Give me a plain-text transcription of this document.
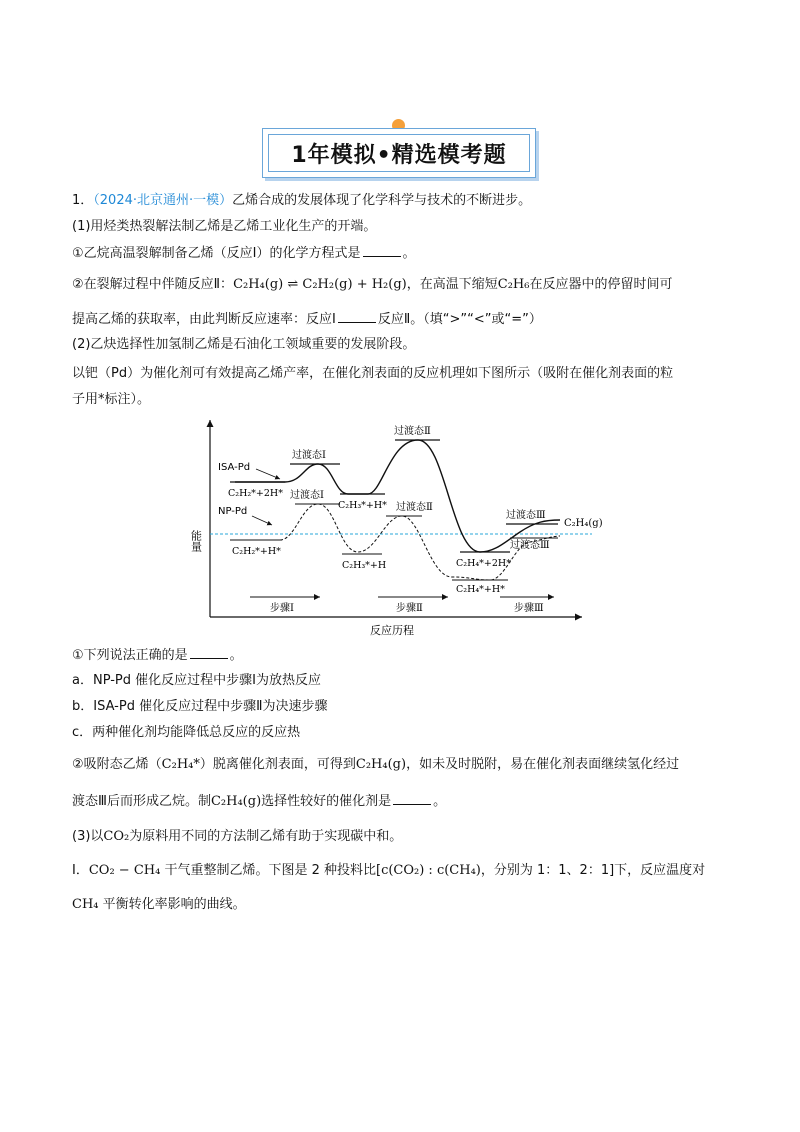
1年模拟•精选模考题
1．（2024·北京通州·一模）乙烯合成的发展体现了化学科学与技术的不断进步。
(1)用烃类热裂解法制乙烯是乙烯工业化生产的开端。
①乙烷高温裂解制备乙烯（反应Ⅰ）的化学方程式是	。
②在裂解过程中伴随反应Ⅱ：C₂H₄(g) ⇌ C₂H₂(g) + H₂(g)，在高温下缩短C₂H₆在反应器中的停留时间可
提高乙烯的获取率，由此判断反应速率：反应Ⅰ	反应Ⅱ。（填“>”“<”或“=”）
(2)乙炔选择性加氢制乙烯是石油化工领域重要的发展阶段。
以钯（Pd）为催化剂可有效提高乙烯产率，在催化剂表面的反应机理如下图所示（吸附在催化剂表面的粒
子用*标注）。
能量
反应历程
ISA-Pd
NP-Pd
过渡态Ⅰ
过渡态Ⅱ
过渡态Ⅲ
过渡态Ⅰ
过渡态Ⅱ
过渡态Ⅲ
C₂H₂*+2H*
C₂H₃*+H*
C₂H₄*+2H*
C₂H₂*+H*
C₂H₃*+H
C₂H₄*+H*
C₂H₄(g)
步骤Ⅰ	步骤Ⅱ	步骤Ⅲ
①下列说法正确的是	。
a．NP-Pd 催化反应过程中步骤Ⅰ为放热反应
b．ISA-Pd 催化反应过程中步骤Ⅱ为决速步骤
c．两种催化剂均能降低总反应的反应热
②吸附态乙烯（C₂H₄*）脱离催化剂表面，可得到C₂H₄(g)，如未及时脱附，易在催化剂表面继续氢化经过
渡态Ⅲ后而形成乙烷。制C₂H₄(g)选择性较好的催化剂是	。
(3)以CO₂为原料用不同的方法制乙烯有助于实现碳中和。
I．CO₂ − CH₄ 干气重整制乙烯。下图是 2 种投料比[c(CO₂) : c(CH₄)，分别为 1：1、2：1]下，反应温度对
CH₄ 平衡转化率影响的曲线。
